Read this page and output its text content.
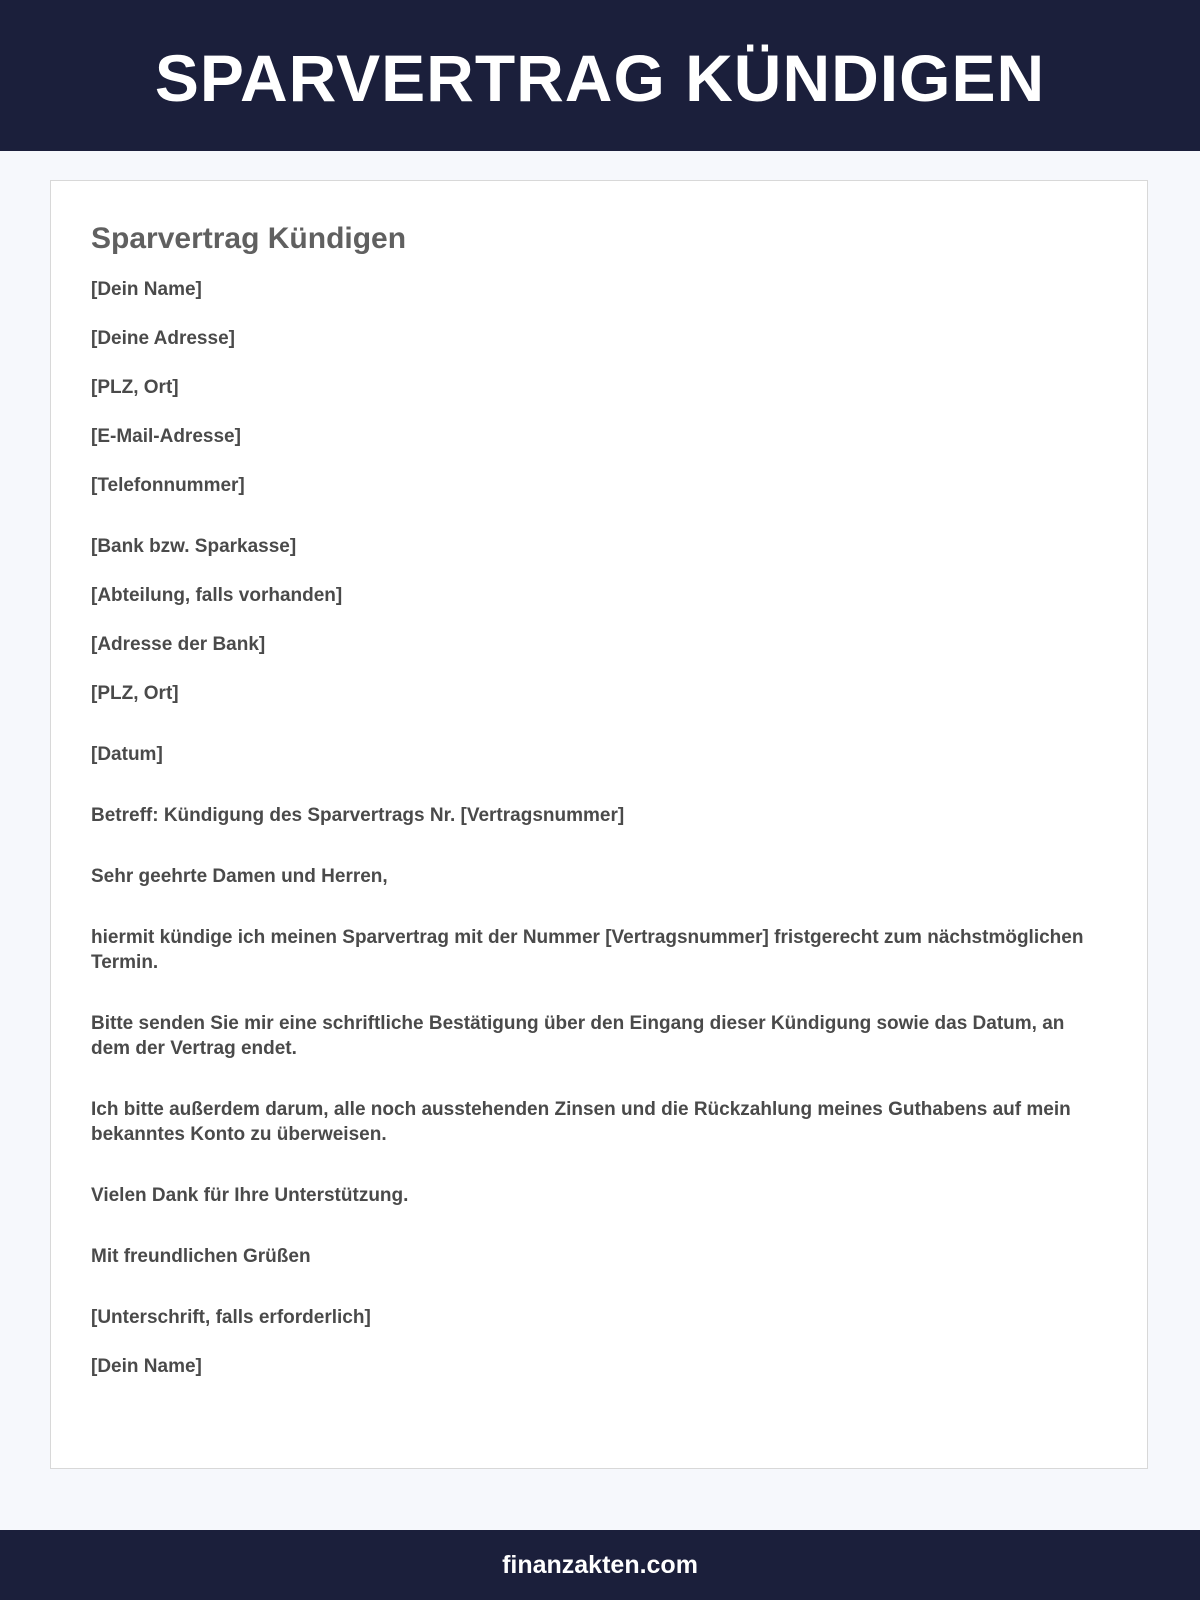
SPARVERTRAG KÜNDIGEN
Sparvertrag Kündigen

[Dein Name]

[Deine Adresse]

[PLZ, Ort]

[E-Mail-Adresse]

[Telefonnummer]

[Bank bzw. Sparkasse]

[Abteilung, falls vorhanden]

[Adresse der Bank]

[PLZ, Ort]

[Datum]

Betreff: Kündigung des Sparvertrags Nr. [Vertragsnummer]

Sehr geehrte Damen und Herren,

hiermit kündige ich meinen Sparvertrag mit der Nummer [Vertragsnummer] fristgerecht zum nächstmöglichen Termin.

Bitte senden Sie mir eine schriftliche Bestätigung über den Eingang dieser Kündigung sowie das Datum, an dem der Vertrag endet.

Ich bitte außerdem darum, alle noch ausstehenden Zinsen und die Rückzahlung meines Guthabens auf mein bekanntes Konto zu überweisen.

Vielen Dank für Ihre Unterstützung.

Mit freundlichen Grüßen

[Unterschrift, falls erforderlich]

[Dein Name]

finanzakten.com
